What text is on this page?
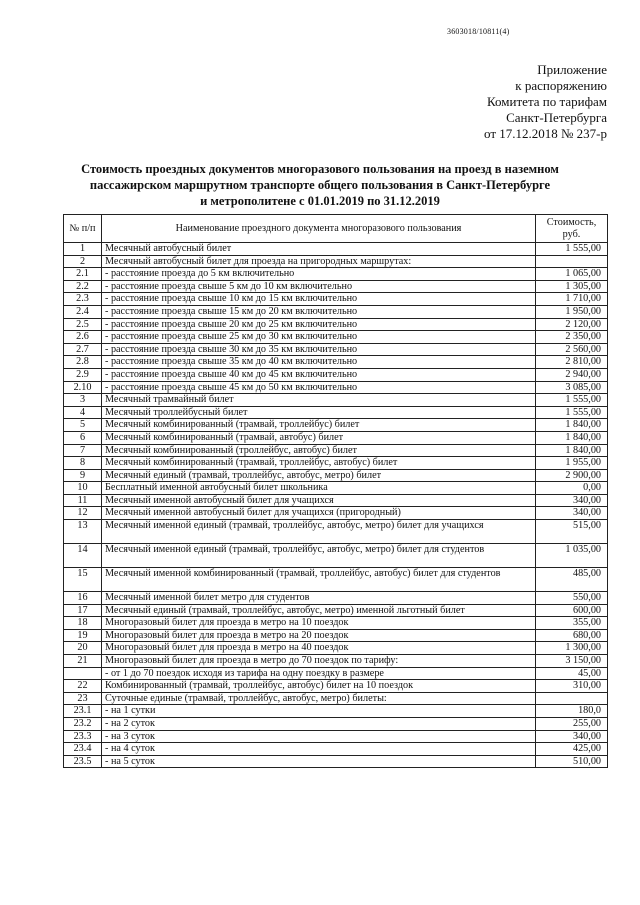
3603018/10811(4)
Приложение
к распоряжению
Комитета по тарифам
Санкт-Петербурга
от 17.12.2018 № 237-р
Стоимость проездных документов многоразового пользования на проезд в наземном
пассажирском маршрутном транспорте общего пользования в Санкт-Петербурге
и метрополитене с 01.01.2019 по 31.12.2019
№ п/п	Наименование проездного документа многоразового пользования	Стоимость, руб.
1	Месячный автобусный билет	1 555,00
2	Месячный автобусный билет для проезда на пригородных маршрутах:	
2.1	- расстояние проезда до 5 км включительно	1 065,00
2.2	- расстояние проезда свыше 5 км до 10 км включительно	1 305,00
2.3	- расстояние проезда свыше 10 км до 15 км включительно	1 710,00
2.4	- расстояние проезда свыше 15 км до 20 км включительно	1 950,00
2.5	- расстояние проезда свыше 20 км до 25 км включительно	2 120,00
2.6	- расстояние проезда свыше 25 км до 30 км включительно	2 350,00
2.7	- расстояние проезда свыше 30 км до 35 км включительно	2 560,00
2.8	- расстояние проезда свыше 35 км до 40 км включительно	2 810,00
2.9	- расстояние проезда свыше 40 км до 45 км включительно	2 940,00
2.10	- расстояние проезда свыше 45 км до 50 км включительно	3 085,00
3	Месячный трамвайный билет	1 555,00
4	Месячный троллейбусный билет	1 555,00
5	Месячный комбинированный (трамвай, троллейбус) билет	1 840,00
6	Месячный комбинированный (трамвай, автобус) билет	1 840,00
7	Месячный комбинированный (троллейбус, автобус) билет	1 840,00
8	Месячный комбинированный (трамвай, троллейбус, автобус) билет	1 955,00
9	Месячный единый (трамвай, троллейбус, автобус, метро) билет	2 900,00
10	Бесплатный именной автобусный билет школьника	0,00
11	Месячный именной автобусный билет для учащихся	340,00
12	Месячный именной автобусный билет для учащихся (пригородный)	340,00
13	Месячный именной единый (трамвай, троллейбус, автобус, метро) билет для учащихся	515,00
14	Месячный именной единый (трамвай, троллейбус, автобус, метро) билет для студентов	1 035,00
15	Месячный именной комбинированный (трамвай, троллейбус, автобус) билет для студентов	485,00
16	Месячный именной билет метро для студентов	550,00
17	Месячный единый (трамвай, троллейбус, автобус, метро) именной льготный билет	600,00
18	Многоразовый билет для проезда в метро на 10 поездок	355,00
19	Многоразовый билет для проезда в метро на 20 поездок	680,00
20	Многоразовый билет для проезда в метро на 40 поездок	1 300,00
21	Многоразовый билет для проезда в метро до 70 поездок по тарифу:	3 150,00
	- от 1 до 70 поездок исходя из тарифа на одну поездку в размере	45,00
22	Комбинированный (трамвай, троллейбус, автобус) билет на 10 поездок	310,00
23	Суточные единые (трамвай, троллейбус, автобус, метро) билеты:	
23.1	- на 1 сутки	180,0
23.2	- на 2 суток	255,00
23.3	- на 3 суток	340,00
23.4	- на 4 суток	425,00
23.5	- на 5 суток	510,00
